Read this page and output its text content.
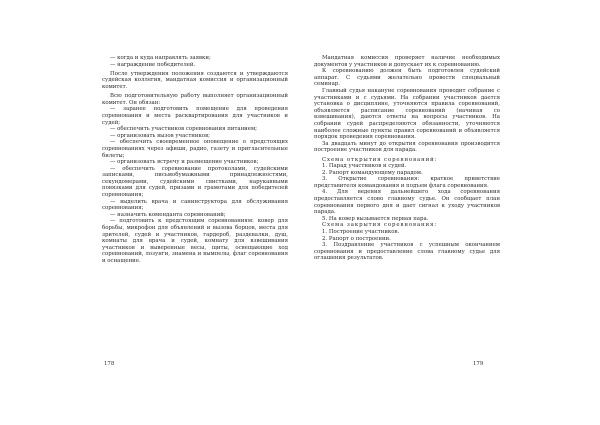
— когда и куда направлять заявки;

— награждение победителей.

После утверждения положения создаются и утверждаются судейская коллегия, мандатная комиссия и организационный комитет.

Всю подготовительную работу выполняет организационный комитет. Он обязан:

— заранее подготовить помещение для проведения соревнования и места расквартирования для участников и судей;

— обеспечить участников соревнования питанием;

— организовать вызов участников;

— обеспечить своевременное оповещение о предстоящих соревнованиях через афиши, радио, газету и пригласительные билеты;

— организовать встречу и размещение участников;

— обеспечить соревнование протоколами, судейскими записками, письмобумажными принадлежностями, секундомерами, судейскими свистками, нарукавными повязками для судей, призами и грамотами для победителей соревнования;

— выделить врача и санинструктора для обслуживания соревнования;

— назначить коменданта соревнований;

— подготовить к предстоящим соревнованиям: ковер для борьбы, микрофон для объявлений и вызова борцов, места для зрителей, судей и участников, гардероб, раздевалки, душ, комнаты для врача и судей, комнату для взвешивания участников и выверенные весы, щиты, освещающие ход соревнований, лозунги, знамена и вымпелы, флаг соревнования и оснащение.

178

Мандатная комиссия проверяет наличие необходимых документов у участников и допускает их к соревнованию.

К соревнованию должен быть подготовлен судейский аппарат. С судьями желательно провести специальный семинар.

Главный судья накануне соревнования проводит собрание с участниками и с судьями. На собрании участников дается установка о дисциплине, уточняются правила соревнований, объявляется расписание соревнований (начиная со взвешивания), даются ответы на вопросы участников. На собрании судей распределяются обязанности, уточняются наиболее сложные пункты правил соревнований и объявляется порядок проведения соревнования.

За двадцать минут до открытия соревнования производится построение участников для парада.

Схема открытия соревнований:

1. Парад участников и судей.

2. Рапорт командующему парадом.

3. Открытие соревнования: краткое приветствие представителя командования и подъем флага соревнования.

4. Для ведения дальнейшего хода соревнования предоставляется слово главному судье. Он сообщает план соревнования первого дня и дает сигнал к уходу участников парада.

5. На ковер вызывается первая пара.

Схема закрытия соревнования:

1. Построение участников.

2. Рапорт о построении.

3. Поздравление участников с успешным окончанием соревнования и предоставление слова главному судье для оглашения результатов.

179
